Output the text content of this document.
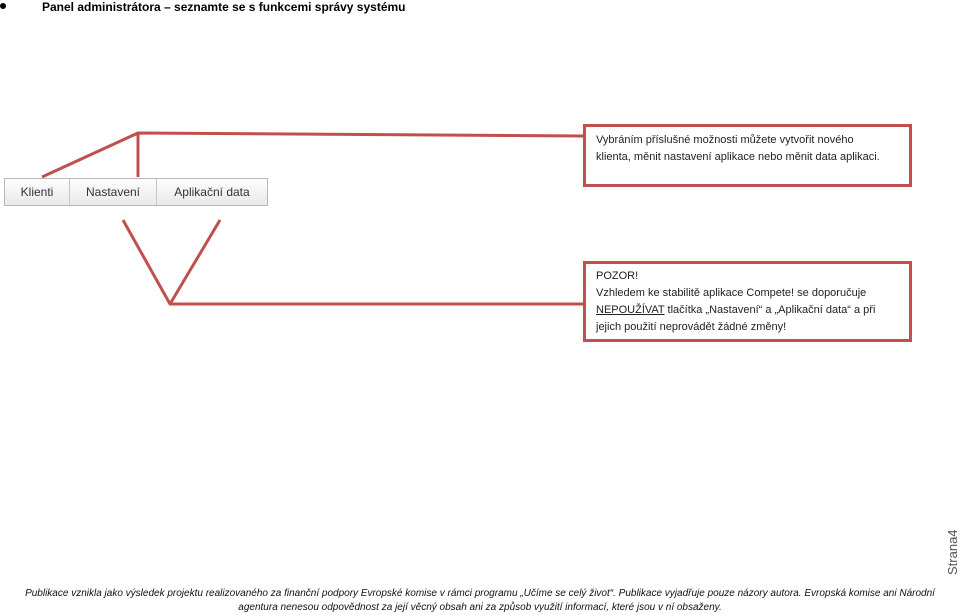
Panel administrátora – seznamte se s funkcemi správy systému
Klienti	Nastavení	Aplikační data
Vybráním příslušné možnosti můžete vytvořit nového
klienta, měnit nastavení aplikace nebo měnit data aplikaci.
POZOR!
Vzhledem ke stabilitě aplikace Compete! se doporučuje
NEPOUŽÍVAT tlačítka „Nastavení“ a „Aplikační data“ a při
jejich použití neprovádět žádné změny!
Strana4
Publikace vznikla jako výsledek projektu realizovaného za finanční podpory Evropské komise v rámci programu „Učíme se celý život“. Publikace vyjadřuje pouze názory autora. Evropská komise ani Národní
agentura nenesou odpovědnost za její věcný obsah ani za způsob využití informací, které jsou v ní obsaženy.
